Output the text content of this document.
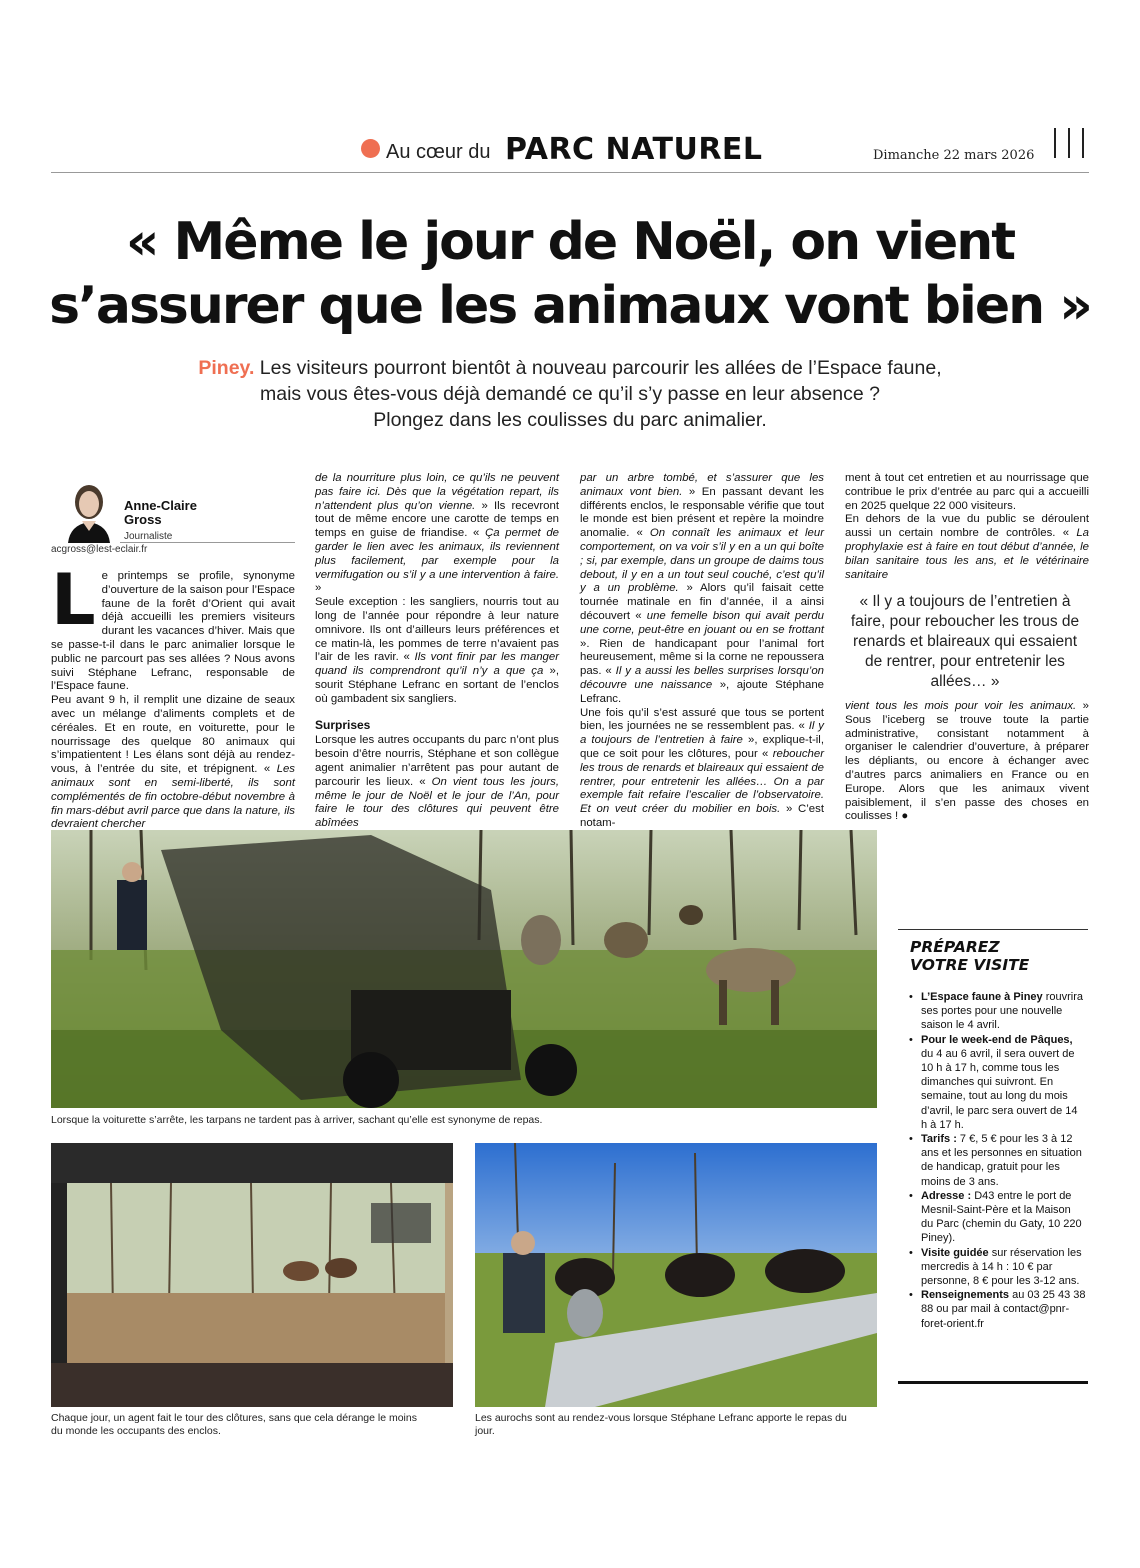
Au cœur du PARC NATUREL	Dimanche 22 mars 2026
« Même le jour de Noël, on vient
s’assurer que les animaux vont bien »
Piney. Les visiteurs pourront bientôt à nouveau parcourir les allées de l’Espace faune,
mais vous êtes-vous déjà demandé ce qu’il s’y passe en leur absence ?
Plongez dans les coulisses du parc animalier.
Anne-Claire Gross
Journaliste
acgross@lest-eclair.fr

Le printemps se profile, synonyme d’ouverture de la saison pour l’Espace faune de la forêt d’Orient qui avait déjà accueilli les premiers visiteurs durant les vacances d’hiver. Mais que se passe-t-il dans le parc animalier lorsque le public ne parcourt pas ses allées ? Nous avons suivi Stéphane Lefranc, responsable de l’Espace faune.

Peu avant 9 h, il remplit une dizaine de seaux avec un mélange d’aliments complets et de céréales. Et en route, en voiturette, pour le nourrissage des quelque 80 animaux qui s’impatientent ! Les élans sont déjà au rendez-vous, à l’entrée du site, et trépignent. « Les animaux sont en semi-liberté, ils sont complémentés de fin octobre-début novembre à fin mars-début avril parce que dans la nature, ils devraient chercher

de la nourriture plus loin, ce qu’ils ne peuvent pas faire ici. Dès que la végétation repart, ils n’attendent plus qu’on vienne. » Ils recevront tout de même encore une carotte de temps en temps en guise de friandise. « Ça permet de garder le lien avec les animaux, ils reviennent plus facilement, par exemple pour la vermifugation ou s’il y a une intervention à faire. »

Seule exception : les sangliers, nourris tout au long de l’année pour répondre à leur nature omnivore. Ils ont d’ailleurs leurs préférences et ce matin-là, les pommes de terre n’avaient pas l’air de les ravir. « Ils vont finir par les manger quand ils comprendront qu’il n’y a que ça », sourit Stéphane Lefranc en sortant de l’enclos où gambadent six sangliers.

Surprises

Lorsque les autres occupants du parc n’ont plus besoin d’être nourris, Stéphane et son collègue agent animalier n’arrêtent pas pour autant de parcourir les lieux. « On vient tous les jours, même le jour de Noël et le jour de l’An, pour faire le tour des clôtures qui peuvent être abîmées

par un arbre tombé, et s’assurer que les animaux vont bien. » En passant devant les différents enclos, le responsable vérifie que tout le monde est bien présent et repère la moindre anomalie. « On connaît les animaux et leur comportement, on va voir s’il y en a un qui boîte ; si, par exemple, dans un groupe de daims tous debout, il y en a un tout seul couché, c’est qu’il y a un problème. » Alors qu’il faisait cette tournée matinale en fin d’année, il a ainsi découvert « une femelle bison qui avait perdu une corne, peut-être en jouant ou en se frottant ». Rien de handicapant pour l’animal fort heureusement, même si la corne ne repoussera pas. « Il y a aussi les belles surprises lorsqu’on découvre une naissance », ajoute Stéphane Lefranc.

Une fois qu’il s’est assuré que tous se portent bien, les journées ne se ressemblent pas. « Il y a toujours de l’entretien à faire », explique-t-il, que ce soit pour les clôtures, pour « reboucher les trous de renards et blaireaux qui essaient de rentrer, pour entretenir les allées… On a par exemple fait refaire l’escalier de l’observatoire. Et on veut créer du mobilier en bois. » C’est notam-

ment à tout cet entretien et au nourrissage que contribue le prix d’entrée au parc qui a accueilli en 2025 quelque 22 000 visiteurs.

En dehors de la vue du public se déroulent aussi un certain nombre de contrôles. « La prophylaxie est à faire en tout début d’année, le bilan sanitaire tous les ans, et le vétérinaire sanitaire

« Il y a toujours de l’entretien à faire, pour reboucher les trous de renards et blaireaux qui essaient de rentrer, pour entretenir les allées… »

vient tous les mois pour voir les animaux. » Sous l’iceberg se trouve toute la partie administrative, consistant notamment à organiser le calendrier d’ouverture, à préparer les dépliants, ou encore à échanger avec d’autres parcs animaliers en France ou en Europe. Alors que les animaux vivent paisiblement, il s’en passe des choses en coulisses ! ●

Lorsque la voiturette s’arrête, les tarpans ne tardent pas à arriver, sachant qu’elle est synonyme de repas.
Chaque jour, un agent fait le tour des clôtures, sans que cela dérange le moins du monde les occupants des enclos.
Les aurochs sont au rendez-vous lorsque Stéphane Lefranc apporte le repas du jour.
PRÉPAREZ
VOTRE VISITE
• L’Espace faune à Piney rouvrira ses portes pour une nouvelle saison le 4 avril.
• Pour le week-end de Pâques, du 4 au 6 avril, il sera ouvert de 10 h à 17 h, comme tous les dimanches qui suivront. En semaine, tout au long du mois d’avril, le parc sera ouvert de 14 h à 17 h.
• Tarifs : 7 €, 5 € pour les 3 à 12 ans et les personnes en situation de handicap, gratuit pour les moins de 3 ans.
• Adresse : D43 entre le port de Mesnil-Saint-Père et la Maison du Parc (chemin du Gaty, 10 220 Piney).
• Visite guidée sur réservation les mercredis à 14 h : 10 € par personne, 8 € pour les 3-12 ans.
• Renseignements au 03 25 43 38 88 ou par mail à contact@pnr-foret-orient.fr
